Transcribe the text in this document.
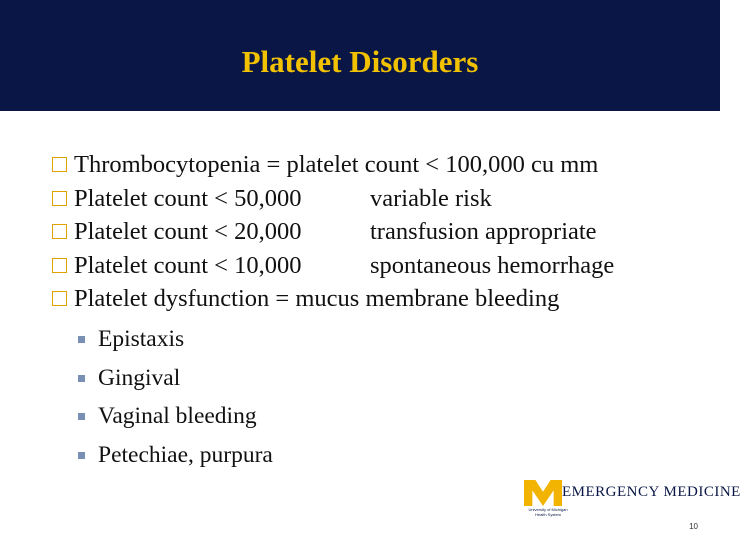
Platelet Disorders
Thrombocytopenia = platelet count < 100,000 cu mm
Platelet count < 50,000	variable risk
Platelet count < 20,000	transfusion appropriate
Platelet count < 10,000	spontaneous hemorrhage
Platelet dysfunction = mucus membrane bleeding
Epistaxis
Gingival
Vaginal bleeding
Petechiae, purpura
EMERGENCY MEDICINE
University of Michigan Health System
10
